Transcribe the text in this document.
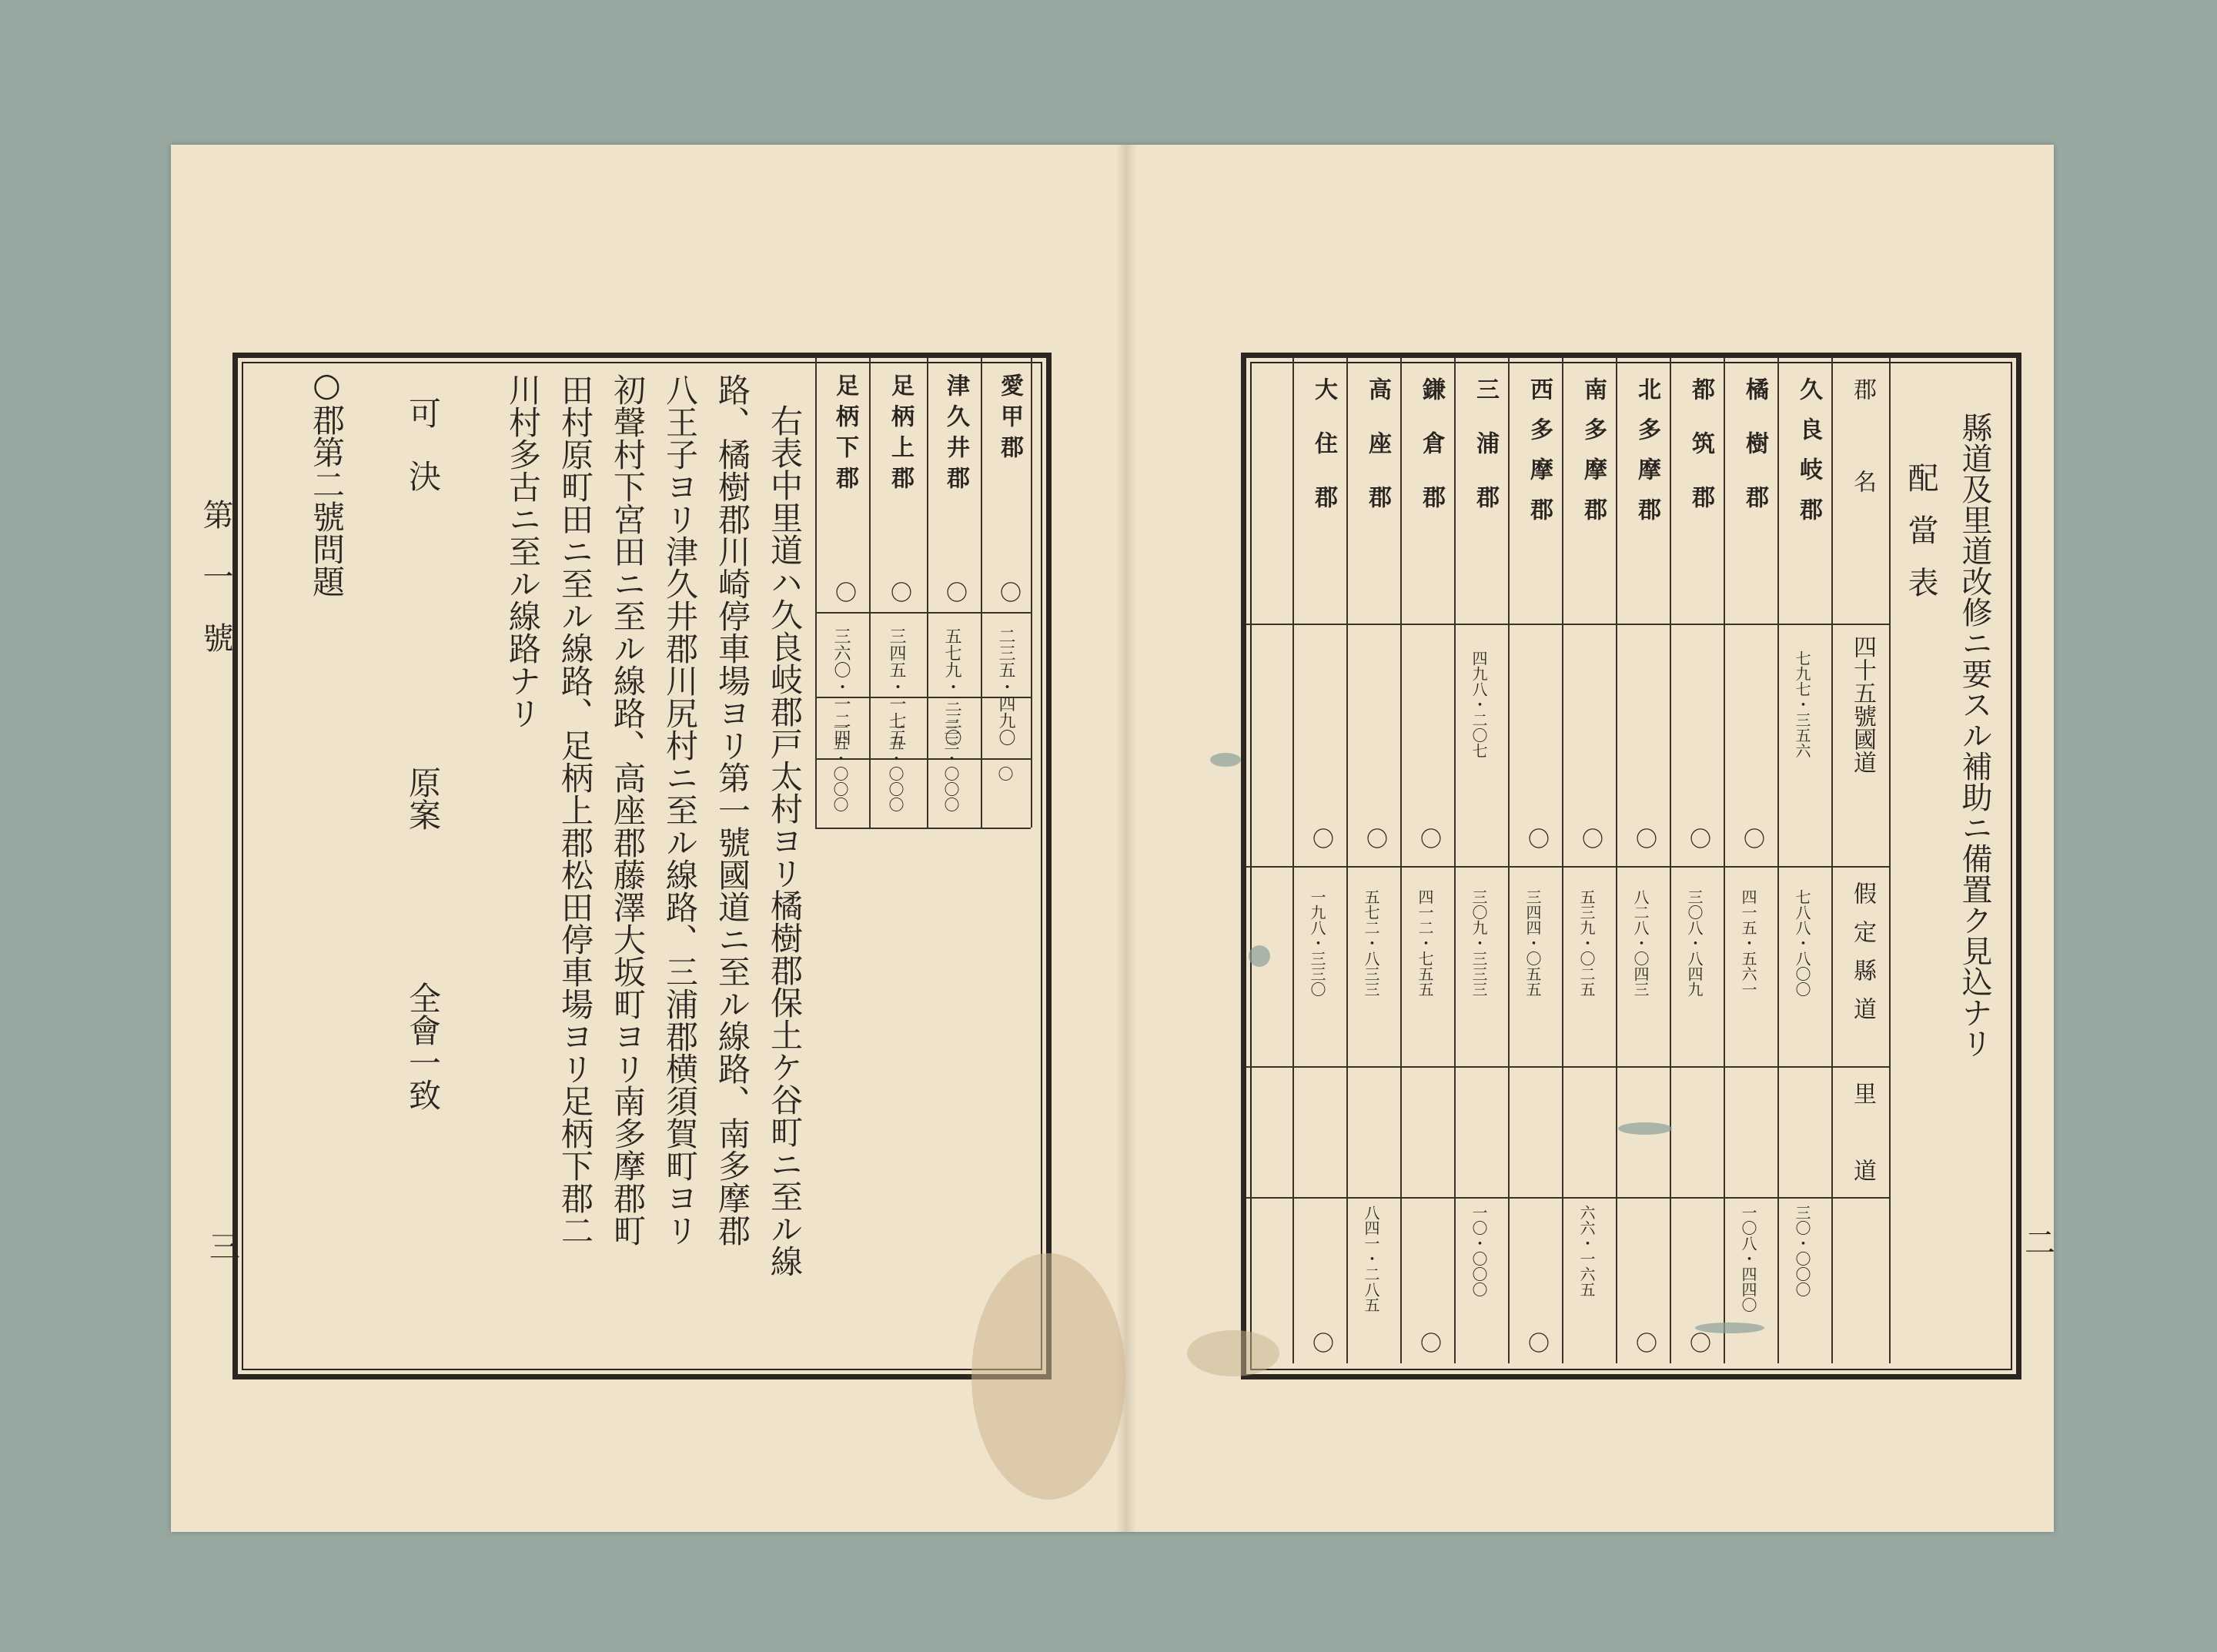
第一號
三
愛甲郡
津久井郡
足柄上郡
足柄下郡
〇
〇
〇
〇
二三五・四九〇
五七九・三三〇
三四五・一七五
三六〇・一二四
〇
三三・〇〇〇
一五・〇〇〇
一五・〇〇〇
右表中里道ハ久良岐郡戸太村ヨリ橘樹郡保土ケ谷町ニ至ル線
路、橘樹郡川崎停車場ヨリ第一號國道ニ至ル線路、南多摩郡
八王子ヨリ津久井郡川尻村ニ至ル線路、三浦郡横須賀町ヨリ
初聲村下宮田ニ至ル線路、高座郡藤澤大坂町ヨリ南多摩郡町
田村原町田ニ至ル線路、足柄上郡松田停車場ヨリ足柄下郡二
川村多古ニ至ル線路ナリ
可決
原案
全會一致
○郡第二號問題
二
縣道及里道改修ニ要スル補助ニ備置ク見込ナリ
配當表
郡名
四十五號國道
假定縣道
里道
久良岐郡
七九七・三五六
七八八・八〇〇
三〇・〇〇〇
橘樹郡
〇
四一五・五六一
一〇八・四四〇
都筑郡
〇
三〇八・八四九
〇
北多摩郡
〇
八二八・〇四三
〇
南多摩郡
〇
五三九・〇二五
六六・一六五
西多摩郡
〇
三四四・〇五五
〇
三浦郡
四九八・二〇七
三〇九・三三三
一〇・〇〇〇
鎌倉郡
〇
四一二・七五五
〇
高座郡
〇
五七二・八三三
八四一・二八五
大住郡
〇
一九八・三三〇
〇
